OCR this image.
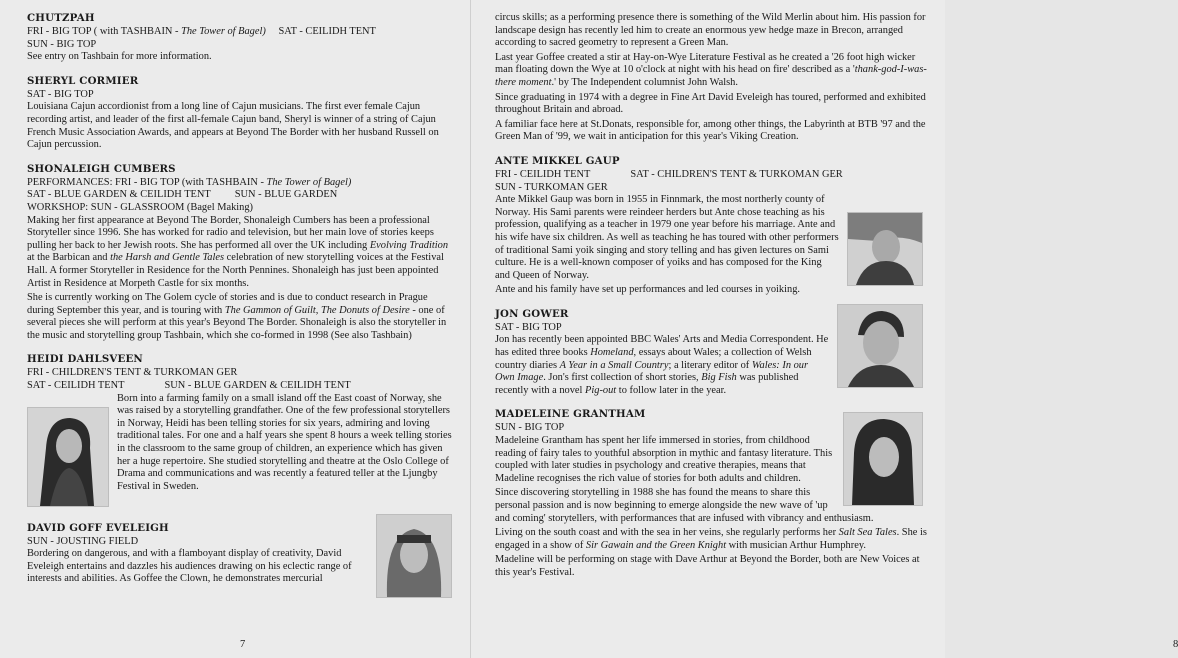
CHUTZPAH
FRI - BIG TOP ( with TASHBAIN - The Tower of Bagel) SAT - CEILIDH TENT
SUN - BIG TOP

See entry on Tashbain for more information.

SHERYL CORMIER
SAT - BIG TOP

Louisiana Cajun accordionist from a long line of Cajun musicians. The first ever female Cajun recording artist, and leader of the first all-female Cajun band, Sheryl is winner of a string of Cajun French Music Association Awards, and appears at Beyond The Border with her husband Russell on Cajun percussion.

SHONALEIGH CUMBERS
PERFORMANCES: FRI - BIG TOP (with TASHBAIN - The Tower of Bagel)
SAT - BLUE GARDEN & CEILIDH TENT SUN - BLUE GARDEN
WORKSHOP: SUN - GLASSROOM (Bagel Making)

Making her first appearance at Beyond The Border, Shonaleigh Cumbers has been a professional Storyteller since 1996. She has worked for radio and television, but her main love of stories keeps pulling her back to her Jewish roots. She has performed all over the UK including Evolving Tradition at the Barbican and the Harsh and Gentle Tales celebration of new storytelling voices at the Festival Hall. A former Storyteller in Residence for the North Pennines. Shonaleigh has just been appointed Artist in Residence at Morpeth Castle for six months.

She is currently working on The Golem cycle of stories and is due to conduct research in Prague during September this year, and is touring with The Gammon of Guilt, The Donuts of Desire - one of several pieces she will perform at this year's Beyond The Border. Shonaleigh is also the storyteller in the music and storytelling group Tashbain, which she co-formed in 1998 (See also Tashbain)

HEIDI DAHLSVEEN
FRI - CHILDREN'S TENT & TURKOMAN GER
SAT - CEILIDH TENT	SUN - BLUE GARDEN & CEILIDH TENT

Born into a farming family on a small island off the East coast of Norway, she was raised by a storytelling grandfather. One of the few professional storytellers in Norway, Heidi has been telling stories for six years, admiring and loving traditional tales. For one and a half years she spent 8 hours a week telling stories in the classroom to the same group of children, an experience which has given her a huge repertoire. She studied storytelling and theatre at the Oslo College of Drama and communications and was recently a featured teller at the Ljungby Festival in Sweden.

DAVID GOFF EVELEIGH
SUN - JOUSTING FIELD

Bordering on dangerous, and with a flamboyant display of creativity, David Eveleigh entertains and dazzles his audiences drawing on his eclectic range of interests and abilities. As Goffee the Clown, he demonstrates mercurial

7

circus skills; as a performing presence there is something of the Wild Merlin about him. His passion for landscape design has recently led him to create an enormous yew hedge maze in Brecon, arranged according to sacred geometry to represent a Green Man.

Last year Goffee created a stir at Hay-on-Wye Literature Festival as he created a '26 foot high wicker man floating down the Wye at 10 o'clock at night with his head on fire' described as a 'thank-god-I-was-there moment.' by The Independent columnist John Walsh.

Since graduating in 1974 with a degree in Fine Art David Eveleigh has toured, performed and exhibited throughout Britain and abroad.

A familiar face here at St.Donats, responsible for, among other things, the Labyrinth at BTB '97 and the Green Man of '99, we wait in anticipation for this year's Viking Creation.

ANTE MIKKEL GAUP
FRI - CEILIDH TENT	SAT - CHILDREN'S TENT & TURKOMAN GER
SUN - TURKOMAN GER

Ante Mikkel Gaup was born in 1955 in Finnmark, the most northerly county of Norway. His Sami parents were reindeer herders but Ante chose teaching as his profession, qualifying as a teacher in 1979 one year before his marriage. Ante and his wife have six children. As well as teaching he has toured with other performers of traditional Sami yoik singing and story telling and has given lectures on Sami culture. He is a well-known composer of yoiks and has composed for the King and Queen of Norway.

Ante and his family have set up performances and led courses in yoiking.

JON GOWER
SAT - BIG TOP

Jon has recently been appointed BBC Wales' Arts and Media Correspondent. He has edited three books Homeland, essays about Wales; a collection of Welsh country diaries A Year in a Small Country; a literary editor of Wales: In our Own Image. Jon's first collection of short stories, Big Fish was published recently with a novel Pig-out to follow later in the year.

MADELEINE GRANTHAM
SUN - BIG TOP

Madeleine Grantham has spent her life immersed in stories, from childhood reading of fairy tales to youthful absorption in mythic and fantasy literature. This coupled with later studies in psychology and creative therapies, means that Madeline recognises the rich value of stories for both adults and children.

Since discovering storytelling in 1988 she has found the means to share this personal passion and is now beginning to emerge alongside the new wave of 'up and coming' storytellers, with performances that are infused with vibrancy and enthusiasm.

Living on the south coast and with the sea in her veins, she regularly performs her Salt Sea Tales. She is engaged in a show of Sir Gawain and the Green Knight with musician Arthur Humphrey.

Madeline will be performing on stage with Dave Arthur at Beyond the Border, both are New Voices at this year's Festival.

8
